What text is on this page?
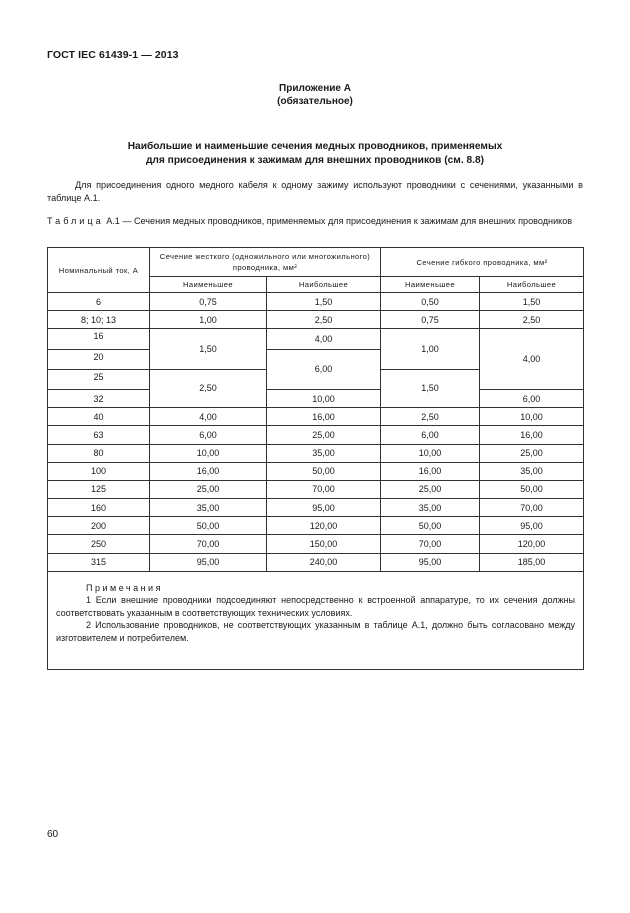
ГОСТ IEC 61439-1 — 2013
Приложение А
(обязательное)
Наибольшие и наименьшие сечения медных проводников, применяемых
для присоединения к зажимам для внешних проводников (см. 8.8)
Для присоединения одного медного кабеля к одному зажиму используют проводники с сечениями, указанными в таблице А.1.
Таблица А.1 — Сечения медных проводников, применяемых для присоединения к зажимам для внешних проводников
Номинальный ток, А	Сечение жесткого (одножильного или многожильного) проводника, мм²		Сечение гибкого проводника, мм²	
	Наименьшее	Наибольшее	Наименьшее	Наибольшее
6	0,75	1,50	0,50	1,50
8; 10; 13	1,00	2,50	0,75	2,50
16	1,50	4,00	1,00	4,00
20		6,00		
25	2,50		1,50	
32		10,00		6,00
40	4,00	16,00	2,50	10,00
63	6,00	25,00	6,00	16,00
80	10,00	35,00	10,00	25,00
100	16,00	50,00	16,00	35,00
125	25,00	70,00	25,00	50,00
160	35,00	95,00	35,00	70,00
200	50,00	120,00	50,00	95,00
250	70,00	150,00	70,00	120,00
315	95,00	240,00	95,00	185,00

Примечания

1 Если внешние проводники подсоединяют непосредственно к встроенной аппаратуре, то их сечения должны соответствовать указанным в соответствующих технических условиях.

2 Использование проводников, не соответствующих указанным в таблице А.1, должно быть согласовано между изготовителем и потребителем.				

60
